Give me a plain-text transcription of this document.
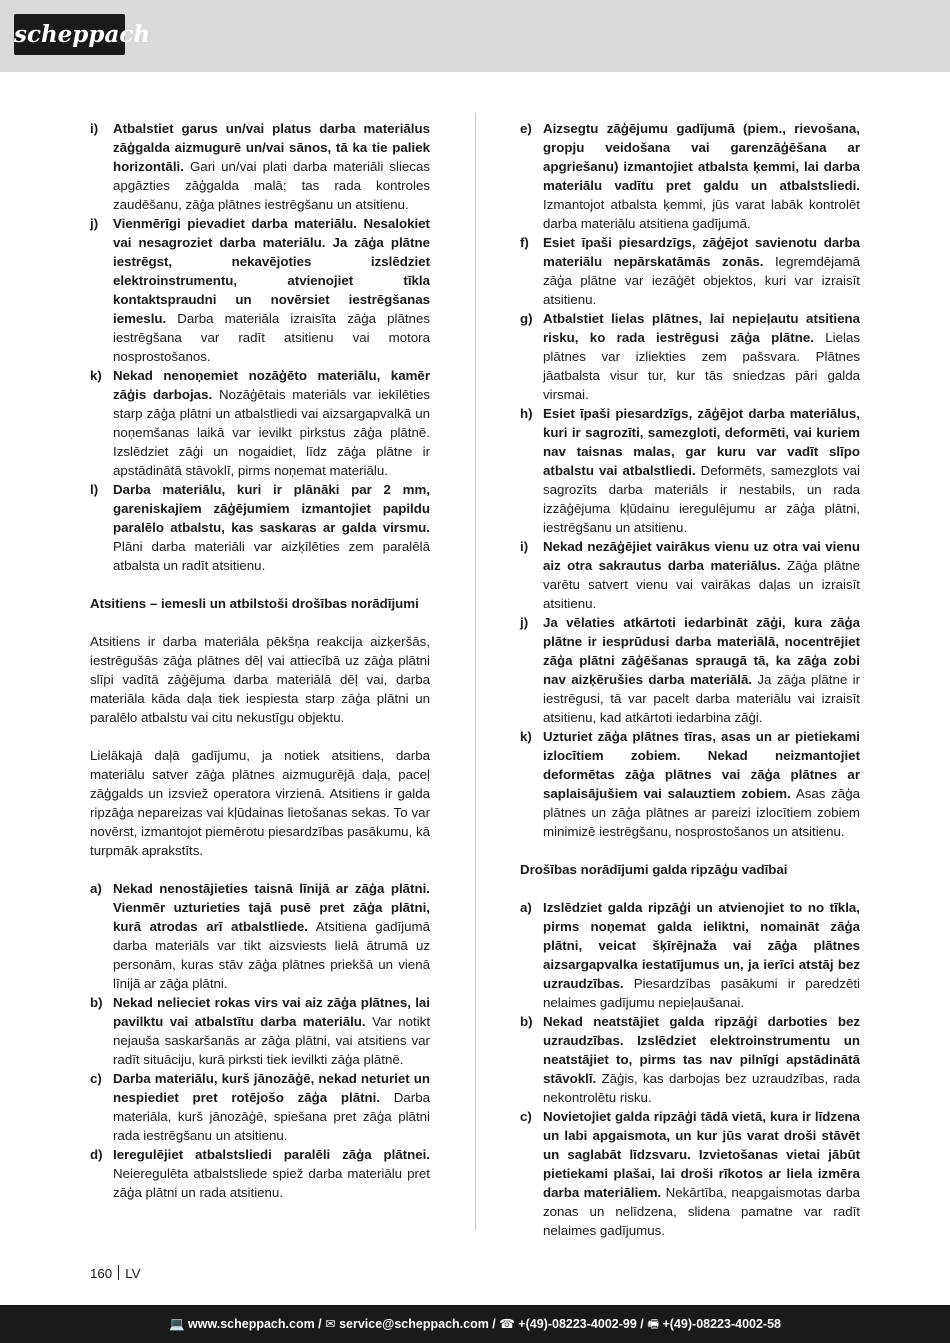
scheppach
i) Atbalstiet garus un/vai platus darba materiālus zāģgalda aizmugurē un/vai sānos, tā ka tie paliek horizontāli. Gari un/vai plati darba materiāli sliecas apgāzties zāģgalda malā; tas rada kontroles zaudēšanu, zāģa plātnes iestrēgšanu un atsitienu.
j) Vienmērīgi pievadiet darba materiālu. Nesalokiet vai nesagroziet darba materiālu. Ja zāģa plātne iestrēgst, nekavējoties izslēdziet elektroinstrumentu, atvienojiet tīkla kontaktspraudni un novērsiet iestrēgšanas iemeslu. Darba materiāla izraisīta zāģa plātnes iestrēgšana var radīt atsitienu vai motora nosprostošanos.
k) Nekad nenoņemiet nozāģēto materiālu, kamēr zāģis darbojas. Nozāģētais materiāls var iekīlēties starp zāģa plātni un atbalstliedi vai aizsargapvalkā un noņemšanas laikā var ievilkt pirkstus zāģa plātnē. Izslēdziet zāģi un nogaidiet, līdz zāģa plātne ir apstādinātā stāvoklī, pirms noņemat materiālu.
l) Darba materiālu, kuri ir plānāki par 2 mm, gareniskajiem zāģējumiem izmantojiet papildu paralēlo atbalstu, kas saskaras ar galda virsmu. Plāni darba materiāli var aizķīlēties zem paralēlā atbalsta un radīt atsitienu.
Atsitiens – iemesli un atbilstoši drošības norādījumi
Atsitiens ir darba materiāla pēkšņa reakcija aizķeršās, iestrēgušās zāģa plātnes dēļ vai attiecībā uz zāģa plātni slīpi vadītā zāģējuma darba materiālā dēļ vai, darba materiāla kāda daļa tiek iespiesta starp zāģa plātni un paralēlo atbalstu vai citu nekustīgu objektu.
Lielākajā daļā gadījumu, ja notiek atsitiens, darba materiālu satver zāģa plātnes aizmugurējā daļa, paceļ zāģgalds un izsviež operatora virzienā. Atsitiens ir galda ripzāģa nepareizas vai kļūdainas lietošanas sekas. To var novērst, izmantojot piemērotu piesardzības pasākumu, kā turpmāk aprakstīts.
a) Nekad nenostājieties taisnā līnijā ar zāģa plātni. Vienmēr uzturieties tajā pusē pret zāģa plātni, kurā atrodas arī atbalstliede. Atsitiena gadījumā darba materiāls var tikt aizsviests lielā ātrumā uz personām, kuras stāv zāģa plātnes priekšā un vienā līnijā ar zāģa plātni.
b) Nekad nelieciet rokas virs vai aiz zāģa plātnes, lai pavilktu vai atbalstītu darba materiālu. Var notikt nejauša saskaršanās ar zāģa plātni, vai atsitiens var radīt situāciju, kurā pirksti tiek ievilkti zāģa plātnē.
c) Darba materiālu, kurš jānozāģē, nekad neturiet un nespiediet pret rotējošo zāģa plātni. Darba materiāla, kurš jānozāģē, spiešana pret zāģa plātni rada iestrēgšanu un atsitienu.
d) Ieregulējiet atbalstsliedi paralēli zāģa plātnei. Neieregulēta atbalstsliede spiež darba materiālu pret zāģa plātni un rada atsitienu.
e) Aizsegtu zāģējumu gadījumā (piem., rievošana, gropju veidošana vai garenzāģēšana ar apgriešanu) izmantojiet atbalsta ķemmi, lai darba materiālu vadītu pret galdu un atbalstsliedi. Izmantojot atbalsta ķemmi, jūs varat labāk kontrolēt darba materiālu atsitiena gadījumā.
f) Esiet īpaši piesardzīgs, zāģējot savienotu darba materiālu nepārskatāmās zonās. Iegremdējamā zāģa plātne var iezāģēt objektos, kuri var izraisīt atsitienu.
g) Atbalstiet lielas plātnes, lai nepieļautu atsitiena risku, ko rada iestrēgusi zāģa plātne. Lielas plātnes var izliekties zem pašsvara. Plātnes jāatbalsta visur tur, kur tās sniedzas pāri galda virsmai.
h) Esiet īpaši piesardzīgs, zāģējot darba materiālus, kuri ir sagrozīti, samezgloti, deformēti, vai kuriem nav taisnas malas, gar kuru var vadīt slīpo atbalstu vai atbalstliedi. Deformēts, samezglots vai sagrozīts darba materiāls ir nestabils, un rada izzāģējuma kļūdainu ieregulējumu ar zāģa plātni, iestrēgšanu un atsitienu.
i) Nekad nezāģējiet vairākus vienu uz otra vai vienu aiz otra sakrautus darba materiālus. Zāģa plātne varētu satvert vienu vai vairākas daļas un izraisīt atsitienu.
j) Ja vēlaties atkārtoti iedarbināt zāģi, kura zāģa plātne ir iesprūdusi darba materiālā, nocentrējiet zāģa plātni zāģēšanas spraugā tā, ka zāģa zobi nav aizķērušies darba materiālā. Ja zāģa plātne ir iestrēgusi, tā var pacelt darba materiālu vai izraisīt atsitienu, kad atkārtoti iedarbina zāģi.
k) Uzturiet zāģa plātnes tīras, asas un ar pietiekami izlocītiem zobiem. Nekad neizmantojiet deformētas zāģa plātnes vai zāģa plātnes ar saplaisājušiem vai salauztiem zobiem. Asas zāģa plātnes un zāģa plātnes ar pareizi izlocītiem zobiem minimizē iestrēgšanu, nosprostošanos un atsitienu.
Drošības norādījumi galda ripzāģu vadībai
a) Izslēdziet galda ripzāģi un atvienojiet to no tīkla, pirms noņemat galda ieliktni, nomaināt zāģa plātni, veicat šķīrējnaža vai zāģa plātnes aizsargapvalka iestatījumus un, ja ierīci atstāj bez uzraudzības. Piesardzības pasākumi ir paredzēti nelaimes gadījumu nepieļaušanai.
b) Nekad neatstājiet galda ripzāģi darboties bez uzraudzības. Izslēdziet elektroinstrumentu un neatstājiet to, pirms tas nav pilnīgi apstādinātā stāvoklī. Zāģis, kas darbojas bez uzraudzības, rada nekontrolētu risku.
c) Novietojiet galda ripzāģi tādā vietā, kura ir līdzena un labi apgaismota, un kur jūs varat droši stāvēt un saglabāt līdzsvaru. Izvietošanas vietai jābūt pietiekami plašai, lai droši rīkotos ar liela izmēra darba materiāliem. Nekārtība, neapgaismotas darba zonas un nelīdzena, slidena pamatne var radīt nelaimes gadījumus.
160 LV
💻 www.scheppach.com / ✉ service@scheppach.com / ☎ +(49)-08223-4002-99 / 🖷 +(49)-08223-4002-58
